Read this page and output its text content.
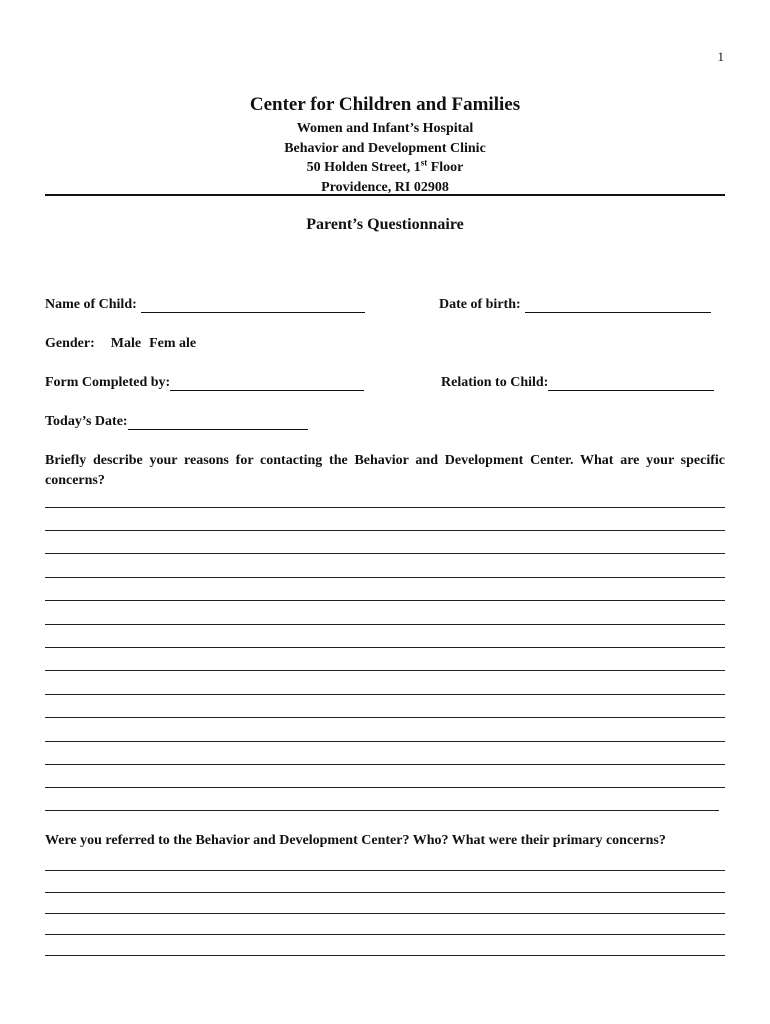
1
Center for Children and Families
Women and Infant’s Hospital
Behavior and Development Clinic
50 Holden Street, 1st Floor
Providence, RI 02908
Parent’s Questionnaire
Name of Child:	Date of birth:
Gender: Male Fem ale
Form Completed by:	Relation to Child:
Today’s Date:
Briefly describe your reasons for contacting the Behavior and Development Center. What are your specific concerns?
Were you referred to the Behavior and Development Center? Who? What were their primary concerns?
